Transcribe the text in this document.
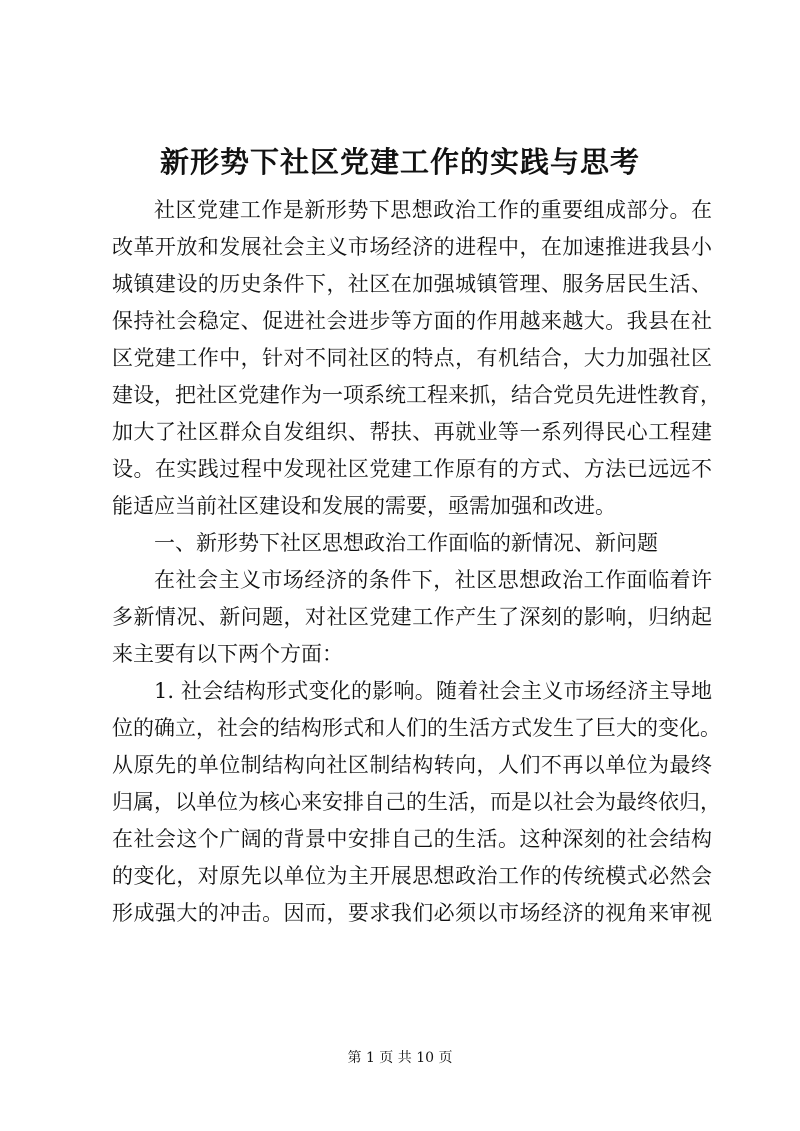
新形势下社区党建工作的实践与思考
社区党建工作是新形势下思想政治工作的重要组成部分。在
改革开放和发展社会主义市场经济的进程中，在加速推进我县小
城镇建设的历史条件下，社区在加强城镇管理、服务居民生活、
保持社会稳定、促进社会进步等方面的作用越来越大。我县在社
区党建工作中，针对不同社区的特点，有机结合，大力加强社区
建设，把社区党建作为一项系统工程来抓，结合党员先进性教育，
加大了社区群众自发组织、帮扶、再就业等一系列得民心工程建
设。在实践过程中发现社区党建工作原有的方式、方法已远远不
能适应当前社区建设和发展的需要，亟需加强和改进。
一、新形势下社区思想政治工作面临的新情况、新问题
在社会主义市场经济的条件下，社区思想政治工作面临着许
多新情况、新问题，对社区党建工作产生了深刻的影响，归纳起
来主要有以下两个方面：
1. 社会结构形式变化的影响。随着社会主义市场经济主导地
位的确立，社会的结构形式和人们的生活方式发生了巨大的变化。
从原先的单位制结构向社区制结构转向，人们不再以单位为最终
归属，以单位为核心来安排自己的生活，而是以社会为最终依归，
在社会这个广阔的背景中安排自己的生活。这种深刻的社会结构
的变化，对原先以单位为主开展思想政治工作的传统模式必然会
形成强大的冲击。因而，要求我们必须以市场经济的视角来审视
第 1 页 共 10 页
